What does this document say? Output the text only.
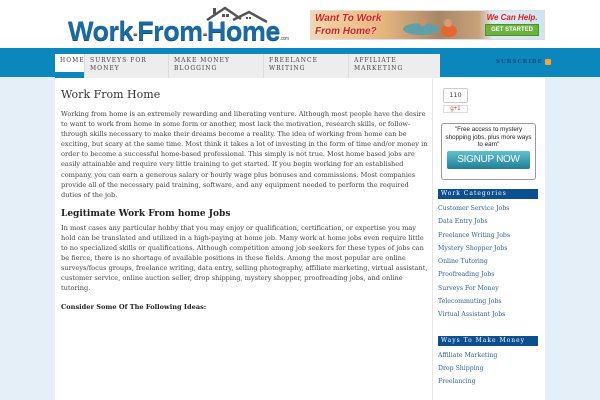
Work-From-Home.com
Want To Work
From Home?
We Can Help.
GET STARTED
HOME SURVEYS FOR
MONEY
MAKE MONEY
BLOGGING
FREELANCE
WRITING
AFFILIATE
MARKETING
SUBSCRIBE
Work From Home

Working from home is an extremely rewarding and liberating venture. Although most people have the desire to want to work from home in some form or another, most lack the motivation, research skills, or follow-through skills necessary to make their dreams become a reality. The idea of working from home can be exciting, but scary at the same time. Most think it takes a lot of investing in the form of time and/or money in order to become a successful home-based professional. This simply is not true. Most home based jobs are easily attainable and require very little training to get started. If you begin working for an established company, you can earn a generous salary or hourly wage plus bonuses and commissions. Most companies provide all of the necessary paid training, software, and any equipment needed to perform the required duties of the job.

Legitimate Work From home Jobs

In most cases any particular hobby that you may enjoy or qualification, certification, or expertise you may hold can be translated and utilized in a high-paying at home job. Many work at home jobs even require little to no specialized skills or qualifications. Although competition among job seekers for these types of jobs can be fierce, there is no shortage of available positions in these fields. Among the most popular are online surveys/focus groups, freelance writing, data entry, selling photography, affiliate marketing, virtual assistant, customer service, online auction seller, drop shipping, mystery shopper, proofreading jobs, and online tutoring.

Consider Some Of The Following Ideas:
110
g+1
"Free access to mystery shopping jobs, plus more ways to earn"
SIGNUP NOW
Work Categories
Customer Service Jobs
Data Entry Jobs
Freelance Writing Jobs
Mystery Shopper Jobs
Online Tutoring
Proofreading Jobs
Surveys For Money
Telecommuting Jobs
Virtual Assistant Jobs
Ways To Make Money
Affiliate Marketing
Drop Shipping
Freelancing
